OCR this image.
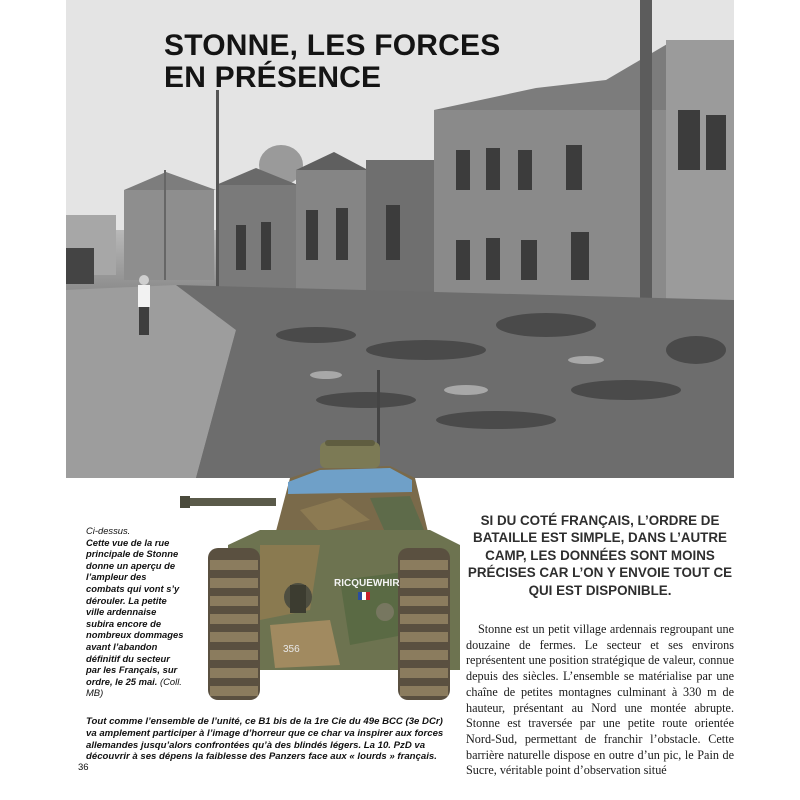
STONNE, LES FORCES
EN PRÉSENCE
RICQUEWHIR
356
Ci-dessus.
Cette vue de la rue principale de Stonne donne un aperçu de l’ampleur des combats qui vont s’y dérouler. La petite ville ardennaise subira encore de nombreux dommages avant l’abandon définitif du secteur par les Français, sur ordre, le 25 mai. (Coll. MB)
Tout comme l’ensemble de l’unité, ce B1 bis de la 1re Cie du 49e BCC (3e DCr) va amplement participer à l’image d’horreur que ce char va inspirer aux forces allemandes jusqu’alors confrontées qu’à des blindés légers. La 10. PzD va découvrir à ses dépens la faiblesse des Panzers face aux « lourds » français.
36
SI DU COTÉ FRANÇAIS, L’ORDRE DE BATAILLE EST SIMPLE, DANS L’AUTRE CAMP, LES DONNÉES SONT MOINS PRÉCISES CAR L’ON Y ENVOIE TOUT CE QUI EST DISPONIBLE.
Stonne est un petit village ardennais regroupant une douzaine de fermes. Le secteur et ses environs représentent une position stratégique de valeur, connue depuis des siècles. L’ensemble se matérialise par une chaîne de petites montagnes culminant à 330 m de hauteur, présentant au Nord une montée abrupte. Stonne est traversée par une petite route orientée Nord-Sud, permettant de franchir l’obstacle. Cette barrière naturelle dispose en outre d’un pic, le Pain de Sucre, véritable point d’observation situé
